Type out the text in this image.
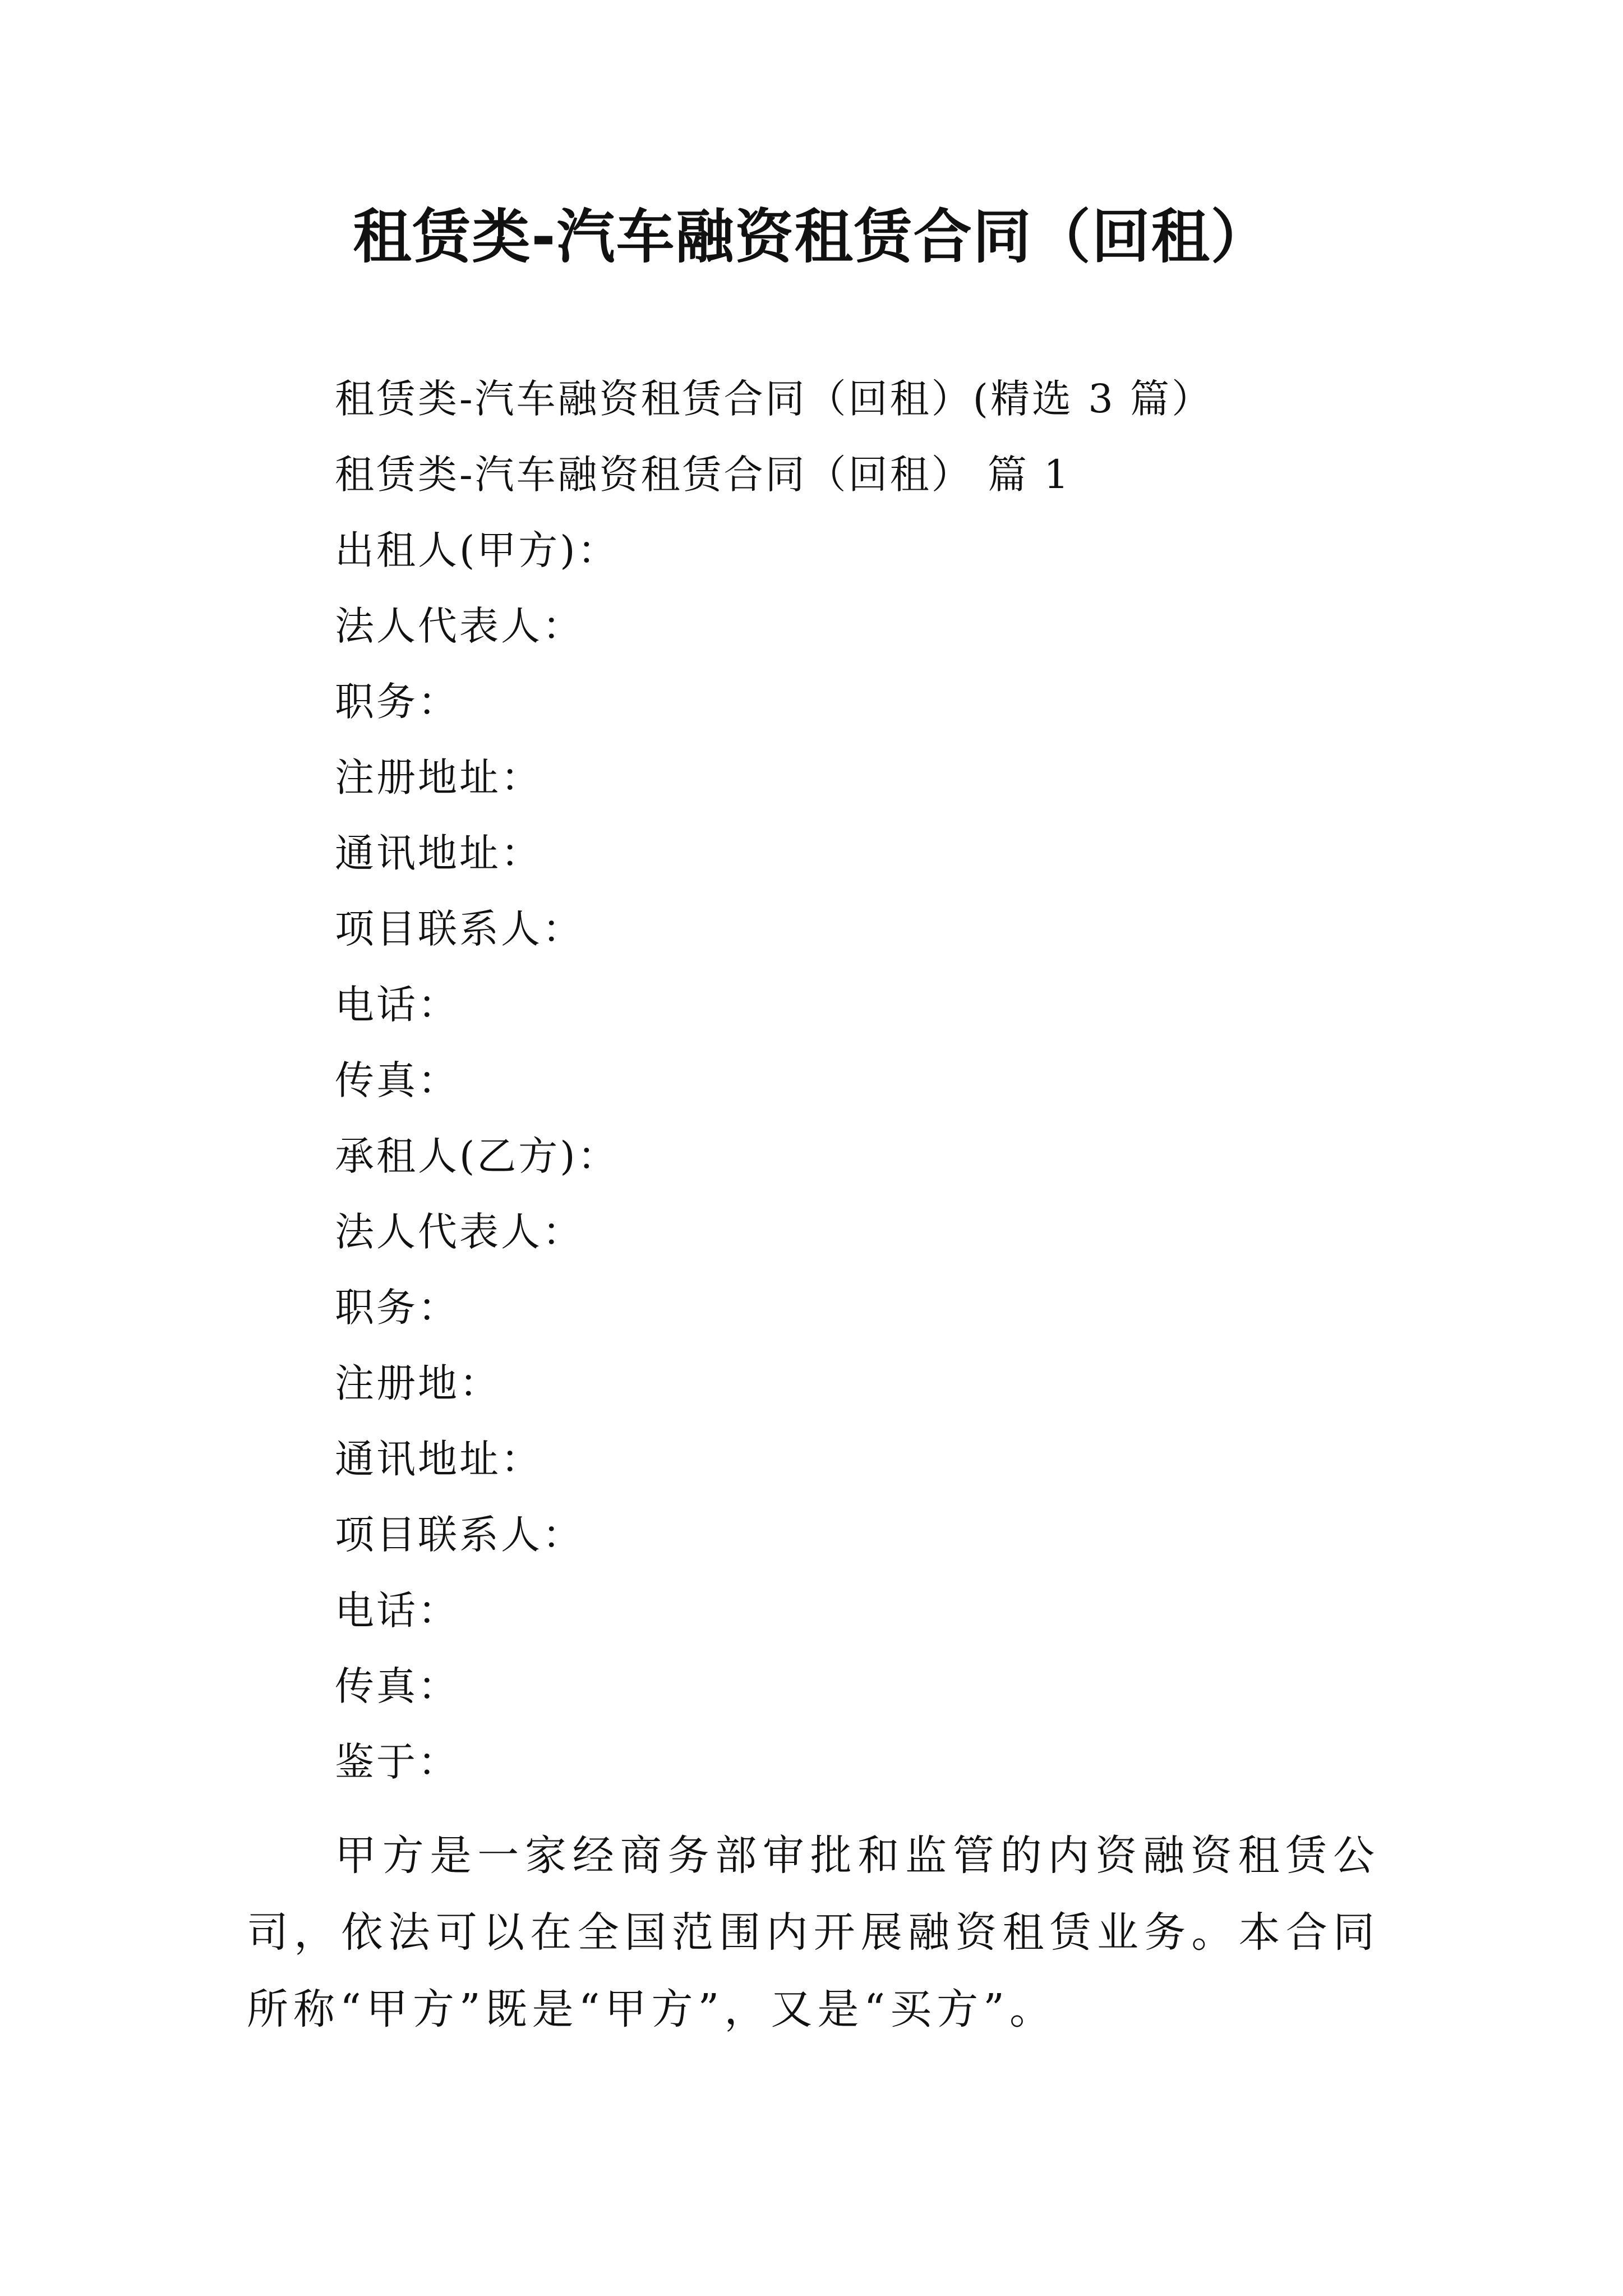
租赁类-汽车融资租赁合同（回租）
租赁类-汽车融资租赁合同（回租）(精选 3 篇）
租赁类-汽车融资租赁合同（回租） 篇 1
出租人(甲方)：
法人代表人：
职务：
注册地址：
通讯地址：
项目联系人：
电话：
传真：
承租人(乙方)：
法人代表人：
职务：
注册地：
通讯地址：
项目联系人：
电话：
传真：
鉴于：

甲方是一家经商务部审批和监管的内资融资租赁公司，依法可以在全国范围内开展融资租赁业务。本合同所称“甲方”既是“甲方”，又是“买方”。
